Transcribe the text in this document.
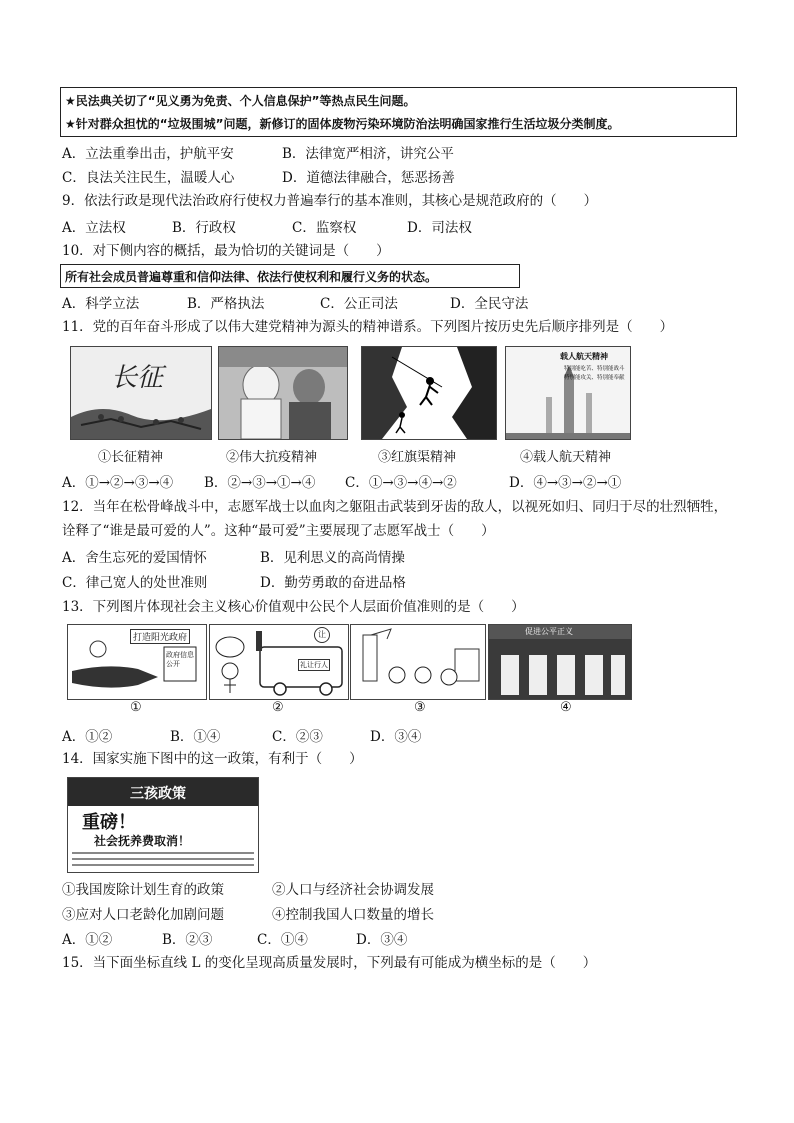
★民法典关切了“见义勇为免责、个人信息保护”等热点民生问题。
★针对群众担忧的“垃圾围城”问题，新修订的固体废物污染环境防治法明确国家推行生活垃圾分类制度。
A．立法重拳出击，护航平安	B．法律宽严相济，讲究公平
C．良法关注民生，温暖人心	D．道德法律融合，惩恶扬善
9．依法行政是现代法治政府行使权力普遍奉行的基本准则，其核心是规范政府的（　　）
A．立法权	B．行政权	C．监察权	D．司法权
10．对下侧内容的概括，最为恰切的关键词是（　　）
所有社会成员普遍尊重和信仰法律、依法行使权利和履行义务的状态。
A．科学立法	B．严格执法	C．公正司法	D．全民守法
11．党的百年奋斗形成了以伟大建党精神为源头的精神谱系。下列图片按历史先后顺序排列是（　　）
长征
载人航天精神
特别能吃苦、特别能战斗
特别能攻关、特别能奉献
①长征精神	②伟大抗疫精神	③红旗渠精神	④载人航天精神
A．①→②→③→④ B．②→③→①→④ C．①→③→④→②	D．④→③→②→①
12．当年在松骨峰战斗中，志愿军战士以血肉之躯阻击武装到牙齿的敌人，以视死如归、同归于尽的壮烈牺牲，
诠释了“谁是最可爱的人”。这种“最可爱”主要展现了志愿军战士（　　）
A．舍生忘死的爱国情怀	B．见利思义的高尚情操
C．律己宽人的处世准则	D．勤劳勇敢的奋进品格
13．下列图片体现社会主义核心价值观中公民个人层面价值准则的是（　　）
打造阳光政府
政府信息公开
让
礼让行人
促进公平正义
①	②	③	④
A．①②	B．①④	C．②③	D．③④
14．国家实施下图中的这一政策，有利于（　　）
三孩政策
重磅！
社会抚养费取消！
①我国废除计划生育的政策	②人口与经济社会协调发展
③应对人口老龄化加剧问题	④控制我国人口数量的增长
A．①②	B．②③	C．①④	D．③④
15．当下面坐标直线 L 的变化呈现高质量发展时，下列最有可能成为横坐标的是（　　）
